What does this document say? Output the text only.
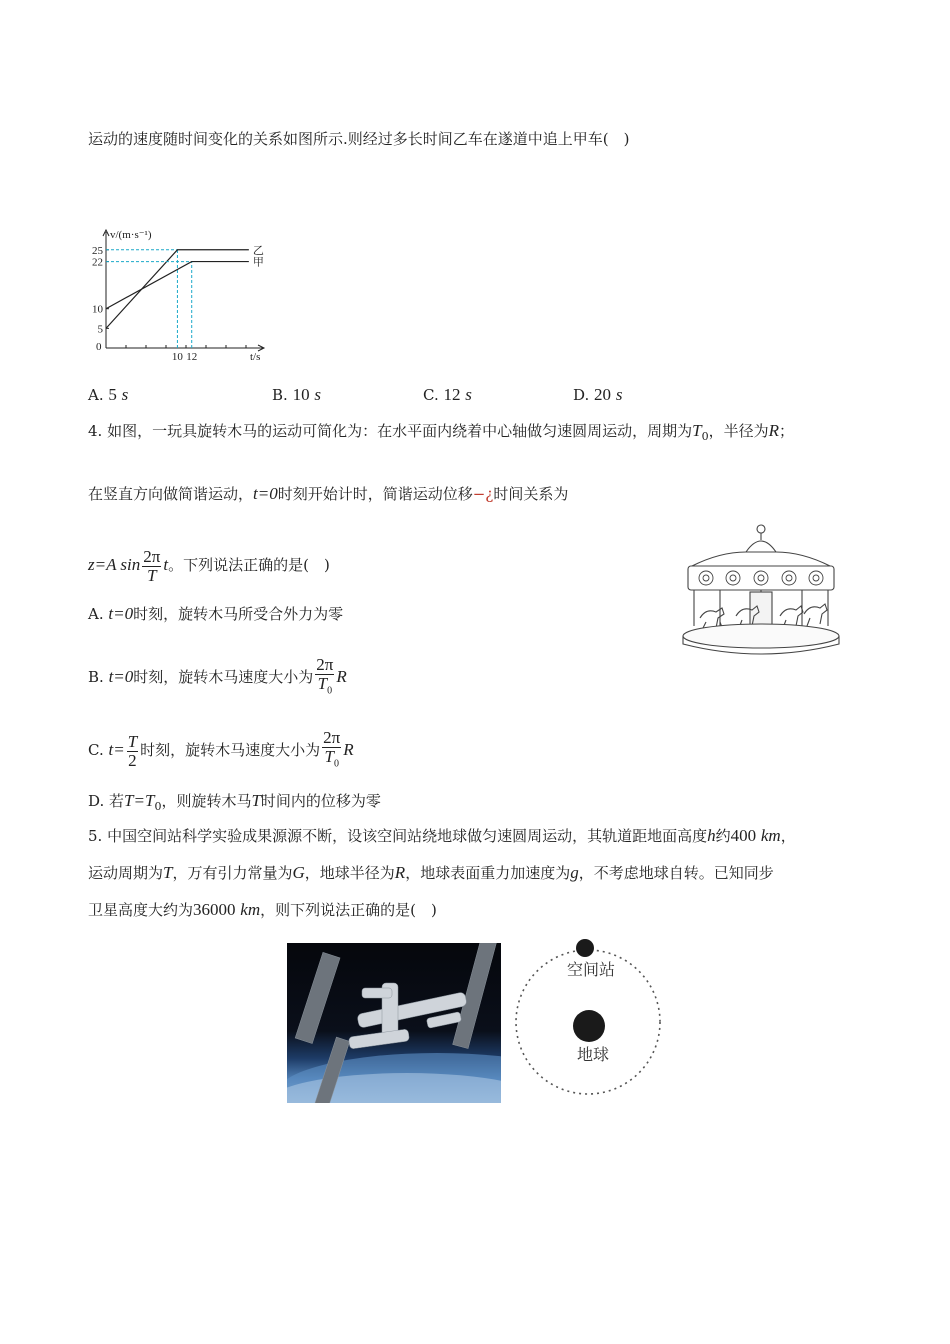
运动的速度随时间变化的关系如图所示.则经过多长时间乙车在遂道中追上甲车(　)
v/(m·s⁻¹)
t/s
0
5
10
22
25
10 12
乙
甲
A. 5 s	B. 10 s	C. 12 s	D. 20 s
4. 如图，一玩具旋转木马的运动可简化为：在水平面内绕着中心轴做匀速圆周运动，周期为$T_0$，半径为R；
在竖直方向做简谐运动，t=0时刻开始计时，简谐运动位移−¿时间关系为
z=A $\sin \frac{2\pi}{T}$ t。下列说法正确的是(　)
A. t=0时刻，旋转木马所受合外力为零
B. t=0时刻，旋转木马速度大小为 $\frac{2\pi}{T_0}$ R
C. $t= \frac{T}{2}$ 时刻，旋转木马速度大小为 $\frac{2\pi}{T_0}$ R
D. 若$T=T_0$，则旋转木马T时间内的位移为零
5. 中国空间站科学实验成果源源不断，设该空间站绕地球做匀速圆周运动，其轨道距地面高度h约400 km，
运动周期为T，万有引力常量为G，地球半径为R，地球表面重力加速度为g，不考虑地球自转。已知同步
卫星高度大约为36000 km，则下列说法正确的是(　)
空间站
地球
